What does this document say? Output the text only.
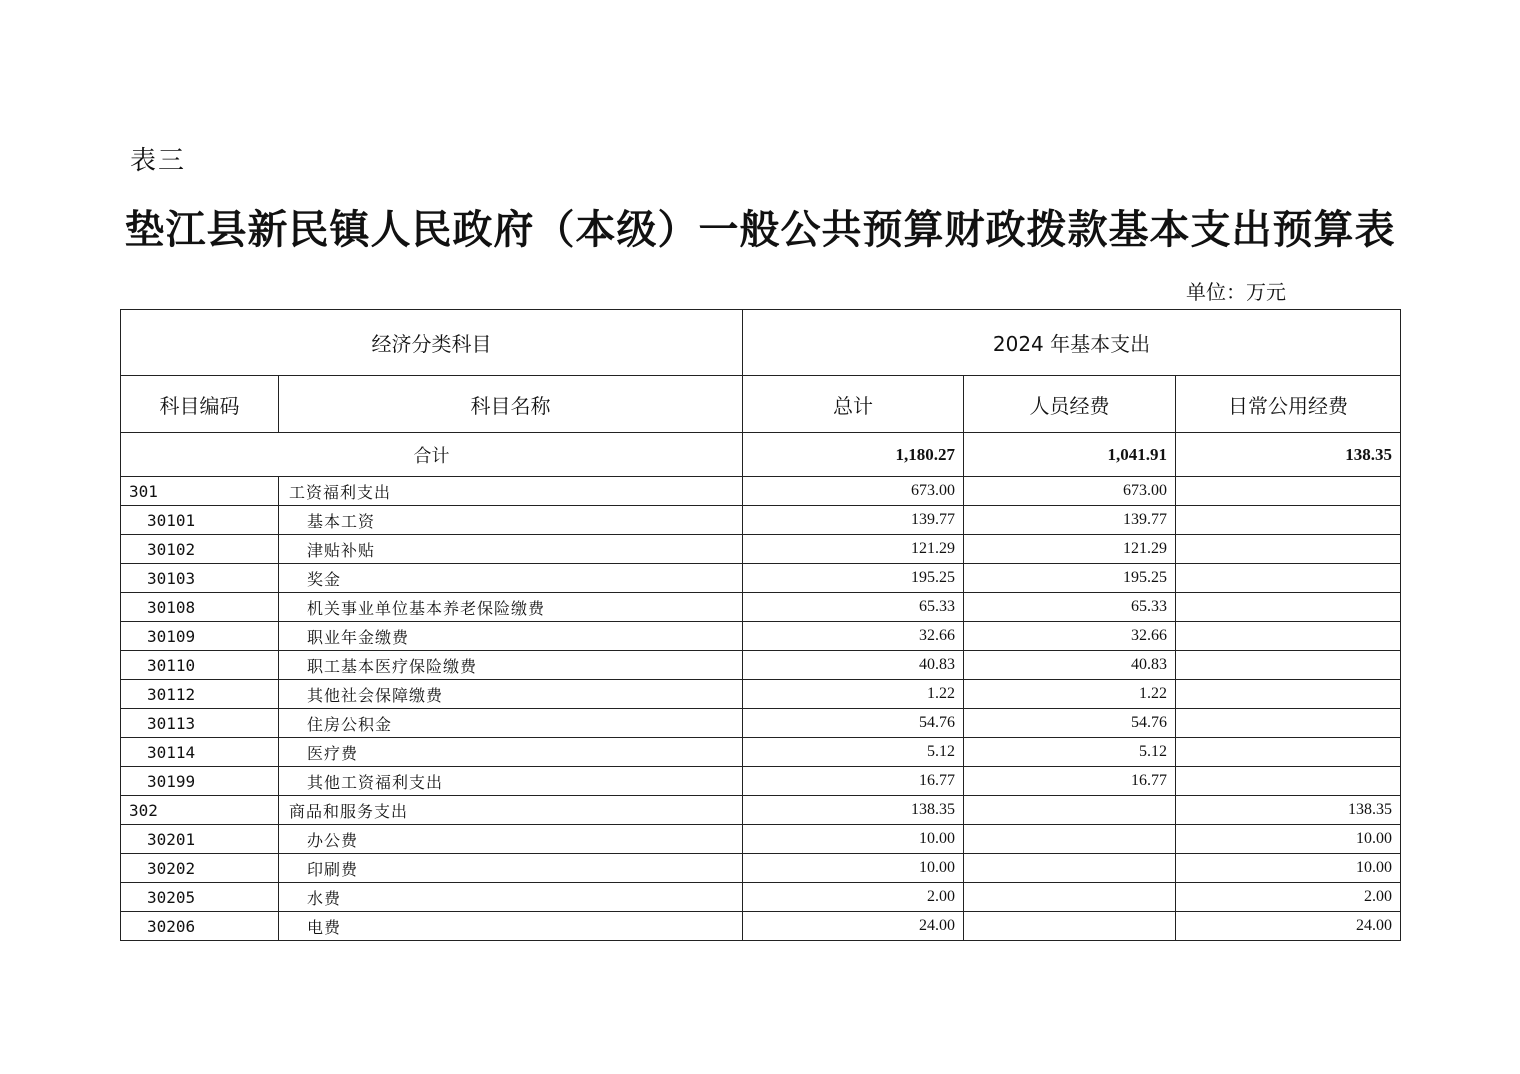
表三
垫江县新民镇人民政府（本级）一般公共预算财政拨款基本支出预算表
单位：万元
经济分类科目		2024 年基本支出		
科目编码	科目名称	总计	人员经费	日常公用经费
合计		1,180.27	1,041.91	138.35
301	工资福利支出	673.00	673.00	
30101	基本工资	139.77	139.77	
30102	津贴补贴	121.29	121.29	
30103	奖金	195.25	195.25	
30108	机关事业单位基本养老保险缴费	65.33	65.33	
30109	职业年金缴费	32.66	32.66	
30110	职工基本医疗保险缴费	40.83	40.83	
30112	其他社会保障缴费	1.22	1.22	
30113	住房公积金	54.76	54.76	
30114	医疗费	5.12	5.12	
30199	其他工资福利支出	16.77	16.77	
302	商品和服务支出	138.35		138.35
30201	办公费	10.00		10.00
30202	印刷费	10.00		10.00
30205	水费	2.00		2.00
30206	电费	24.00		24.00
